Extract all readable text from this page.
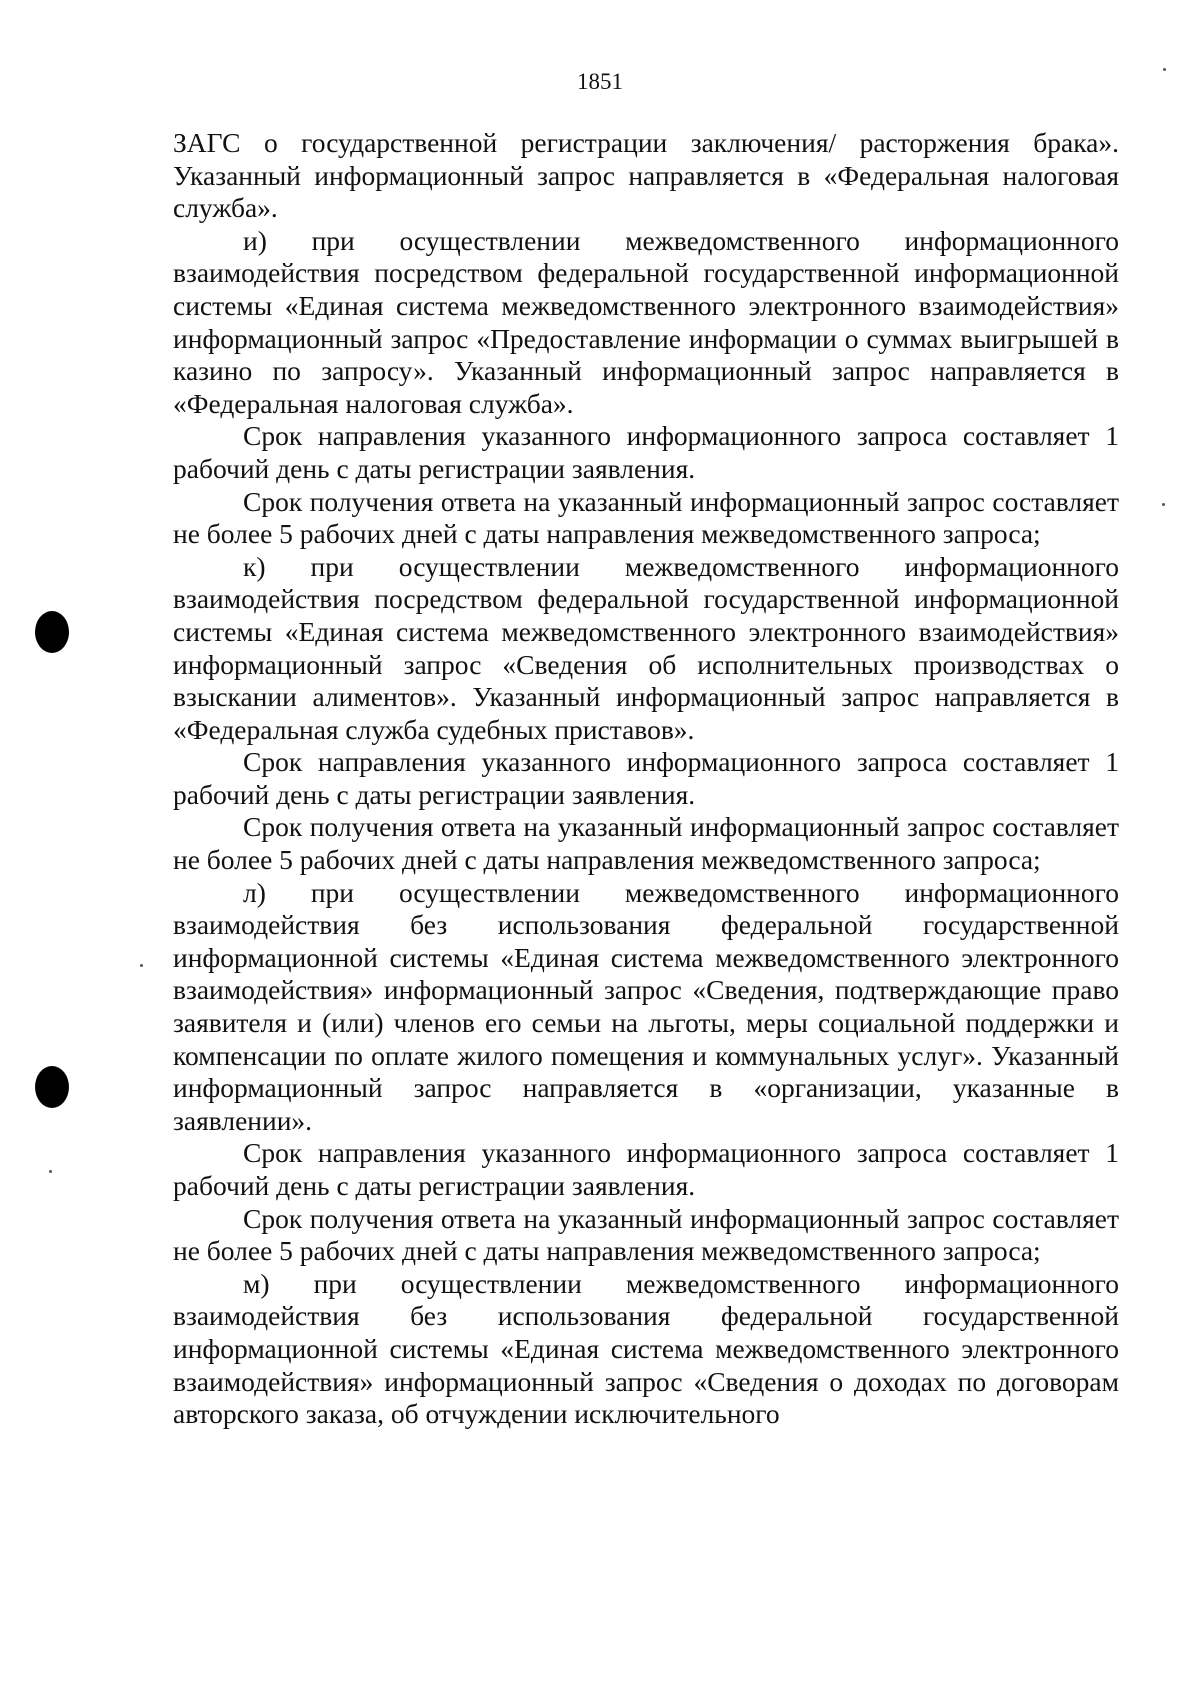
1851

ЗАГС о государственной регистрации заключения/ расторжения брака». Указанный информационный запрос направляется в «Федеральная налоговая служба».

и) при осуществлении межведомственного информационного взаимодействия посредством федеральной государственной информационной системы «Единая система межведомственного электронного взаимодействия» информационный запрос «Предоставление информации о суммах выигрышей в казино по запросу». Указанный информационный запрос направляется в «Федеральная налоговая служба».

Срок направления указанного информационного запроса составляет 1 рабочий день с даты регистрации заявления.

Срок получения ответа на указанный информационный запрос составляет не более 5 рабочих дней с даты направления межведомственного запроса;

к) при осуществлении межведомственного информационного взаимодействия посредством федеральной государственной информационной системы «Единая система межведомственного электронного взаимодействия» информационный запрос «Сведения об исполнительных производствах о взыскании алиментов». Указанный информационный запрос направляется в «Федеральная служба судебных приставов».

Срок направления указанного информационного запроса составляет 1 рабочий день с даты регистрации заявления.

Срок получения ответа на указанный информационный запрос составляет не более 5 рабочих дней с даты направления межведомственного запроса;

л) при осуществлении межведомственного информационного взаимодействия без использования федеральной государственной информационной системы «Единая система межведомственного электронного взаимодействия» информационный запрос «Сведения, подтверждающие право заявителя и (или) членов его семьи на льготы, меры социальной поддержки и компенсации по оплате жилого помещения и коммунальных услуг». Указанный информационный запрос направляется в «организации, указанные в заявлении».

Срок направления указанного информационного запроса составляет 1 рабочий день с даты регистрации заявления.

Срок получения ответа на указанный информационный запрос составляет не более 5 рабочих дней с даты направления межведомственного запроса;

м) при осуществлении межведомственного информационного взаимодействия без использования федеральной государственной информационной системы «Единая система межведомственного электронного взаимодействия» информационный запрос «Сведения о доходах по договорам авторского заказа, об отчуждении исключительного
